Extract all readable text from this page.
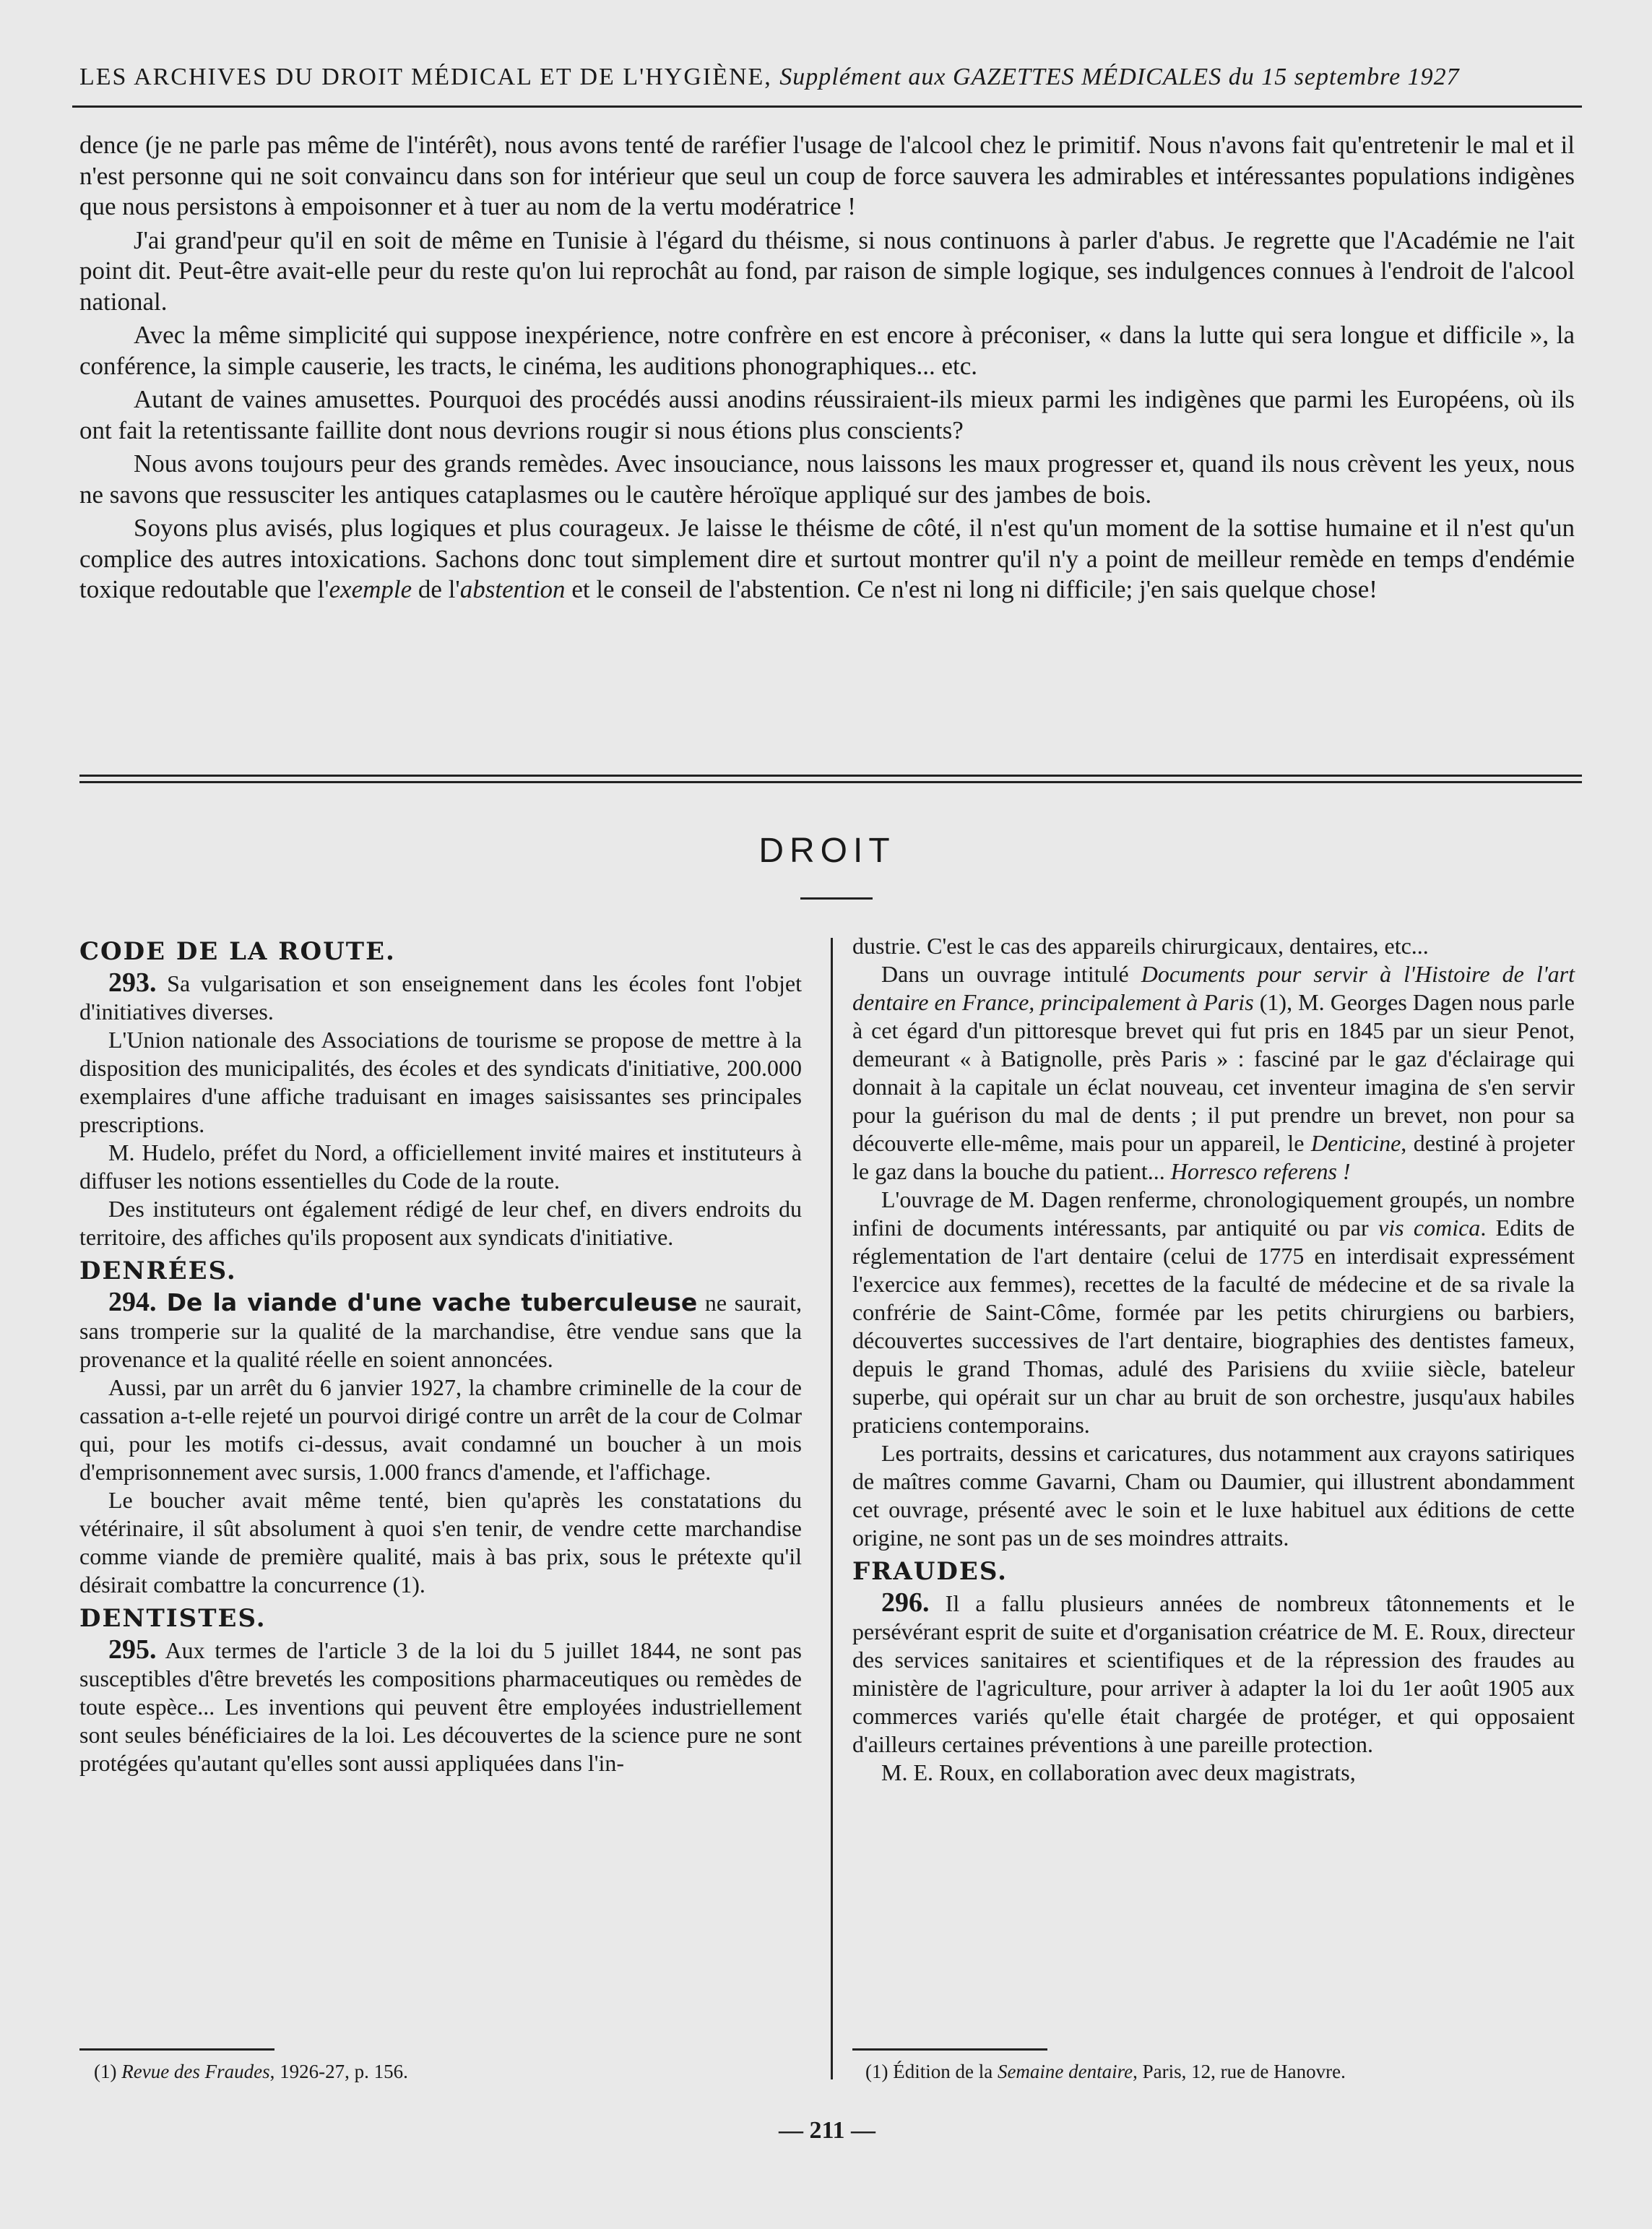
LES ARCHIVES DU DROIT MÉDICAL ET DE L'HYGIÈNE, Supplément aux GAZETTES MÉDICALES du 15 septembre 1927

dence (je ne parle pas même de l'intérêt), nous avons tenté de raréfier l'usage de l'alcool chez le primitif. Nous n'avons fait qu'entretenir le mal et il n'est personne qui ne soit convaincu dans son for intérieur que seul un coup de force sauvera les admirables et intéressantes populations indigènes que nous persistons à empoisonner et à tuer au nom de la vertu modératrice !

J'ai grand'peur qu'il en soit de même en Tunisie à l'égard du théisme, si nous continuons à parler d'abus. Je regrette que l'Académie ne l'ait point dit. Peut-être avait-elle peur du reste qu'on lui reprochât au fond, par raison de simple logique, ses indulgences connues à l'endroit de l'alcool national.

Avec la même simplicité qui suppose inexpérience, notre confrère en est encore à préconiser, « dans la lutte qui sera longue et difficile », la conférence, la simple causerie, les tracts, le cinéma, les auditions phonographiques... etc.

Autant de vaines amusettes. Pourquoi des procédés aussi anodins réussiraient-ils mieux parmi les indigènes que parmi les Européens, où ils ont fait la retentissante faillite dont nous devrions rougir si nous étions plus conscients?

Nous avons toujours peur des grands remèdes. Avec insouciance, nous laissons les maux progresser et, quand ils nous crèvent les yeux, nous ne savons que ressusciter les antiques cataplasmes ou le cautère héroïque appliqué sur des jambes de bois.

Soyons plus avisés, plus logiques et plus courageux. Je laisse le théisme de côté, il n'est qu'un moment de la sottise humaine et il n'est qu'un complice des autres intoxications. Sachons donc tout simplement dire et surtout montrer qu'il n'y a point de meilleur remède en temps d'endémie toxique redoutable que l'exemple de l'abstention et le conseil de l'abstention. Ce n'est ni long ni difficile; j'en sais quelque chose!

DROIT

CODE DE LA ROUTE.

293. Sa vulgarisation et son enseignement dans les écoles font l'objet d'initiatives diverses.

L'Union nationale des Associations de tourisme se propose de mettre à la disposition des municipalités, des écoles et des syndicats d'initiative, 200.000 exemplaires d'une affiche traduisant en images saisissantes ses principales prescriptions.

M. Hudelo, préfet du Nord, a officiellement invité maires et instituteurs à diffuser les notions essentielles du Code de la route.

Des instituteurs ont également rédigé de leur chef, en divers endroits du territoire, des affiches qu'ils proposent aux syndicats d'initiative.

DENRÉES.

294. De la viande d'une vache tuberculeuse ne saurait, sans tromperie sur la qualité de la marchandise, être vendue sans que la provenance et la qualité réelle en soient annoncées.

Aussi, par un arrêt du 6 janvier 1927, la chambre criminelle de la cour de cassation a-t-elle rejeté un pourvoi dirigé contre un arrêt de la cour de Colmar qui, pour les motifs ci-dessus, avait condamné un boucher à un mois d'emprisonnement avec sursis, 1.000 francs d'amende, et l'affichage.

Le boucher avait même tenté, bien qu'après les constatations du vétérinaire, il sût absolument à quoi s'en tenir, de vendre cette marchandise comme viande de première qualité, mais à bas prix, sous le prétexte qu'il désirait combattre la concurrence (1).

DENTISTES.

295. Aux termes de l'article 3 de la loi du 5 juillet 1844, ne sont pas susceptibles d'être brevetés les compositions pharmaceutiques ou remèdes de toute espèce... Les inventions qui peuvent être employées industriellement sont seules bénéficiaires de la loi. Les découvertes de la science pure ne sont protégées qu'autant qu'elles sont aussi appliquées dans l'in-

dustrie. C'est le cas des appareils chirurgicaux, dentaires, etc...

Dans un ouvrage intitulé Documents pour servir à l'Histoire de l'art dentaire en France, principalement à Paris (1), M. Georges Dagen nous parle à cet égard d'un pittoresque brevet qui fut pris en 1845 par un sieur Penot, demeurant « à Batignolle, près Paris » : fasciné par le gaz d'éclairage qui donnait à la capitale un éclat nouveau, cet inventeur imagina de s'en servir pour la guérison du mal de dents ; il put prendre un brevet, non pour sa découverte elle-même, mais pour un appareil, le Denticine, destiné à projeter le gaz dans la bouche du patient... Horresco referens !

L'ouvrage de M. Dagen renferme, chronologiquement groupés, un nombre infini de documents intéressants, par antiquité ou par vis comica. Edits de réglementation de l'art dentaire (celui de 1775 en interdisait expressément l'exercice aux femmes), recettes de la faculté de médecine et de sa rivale la confrérie de Saint-Côme, formée par les petits chirurgiens ou barbiers, découvertes successives de l'art dentaire, biographies des dentistes fameux, depuis le grand Thomas, adulé des Parisiens du xviiie siècle, bateleur superbe, qui opérait sur un char au bruit de son orchestre, jusqu'aux habiles praticiens contemporains.

Les portraits, dessins et caricatures, dus notamment aux crayons satiriques de maîtres comme Gavarni, Cham ou Daumier, qui illustrent abondamment cet ouvrage, présenté avec le soin et le luxe habituel aux éditions de cette origine, ne sont pas un de ses moindres attraits.

FRAUDES.

296. Il a fallu plusieurs années de nombreux tâtonnements et le persévérant esprit de suite et d'organisation créatrice de M. E. Roux, directeur des services sanitaires et scientifiques et de la répression des fraudes au ministère de l'agriculture, pour arriver à adapter la loi du 1er août 1905 aux commerces variés qu'elle était chargée de protéger, et qui opposaient d'ailleurs certaines préventions à une pareille protection.

M. E. Roux, en collaboration avec deux magistrats,

(1) Revue des Fraudes, 1926-27, p. 156.	(1) Édition de la Semaine dentaire, Paris, 12, rue de Hanovre.
— 211 —
